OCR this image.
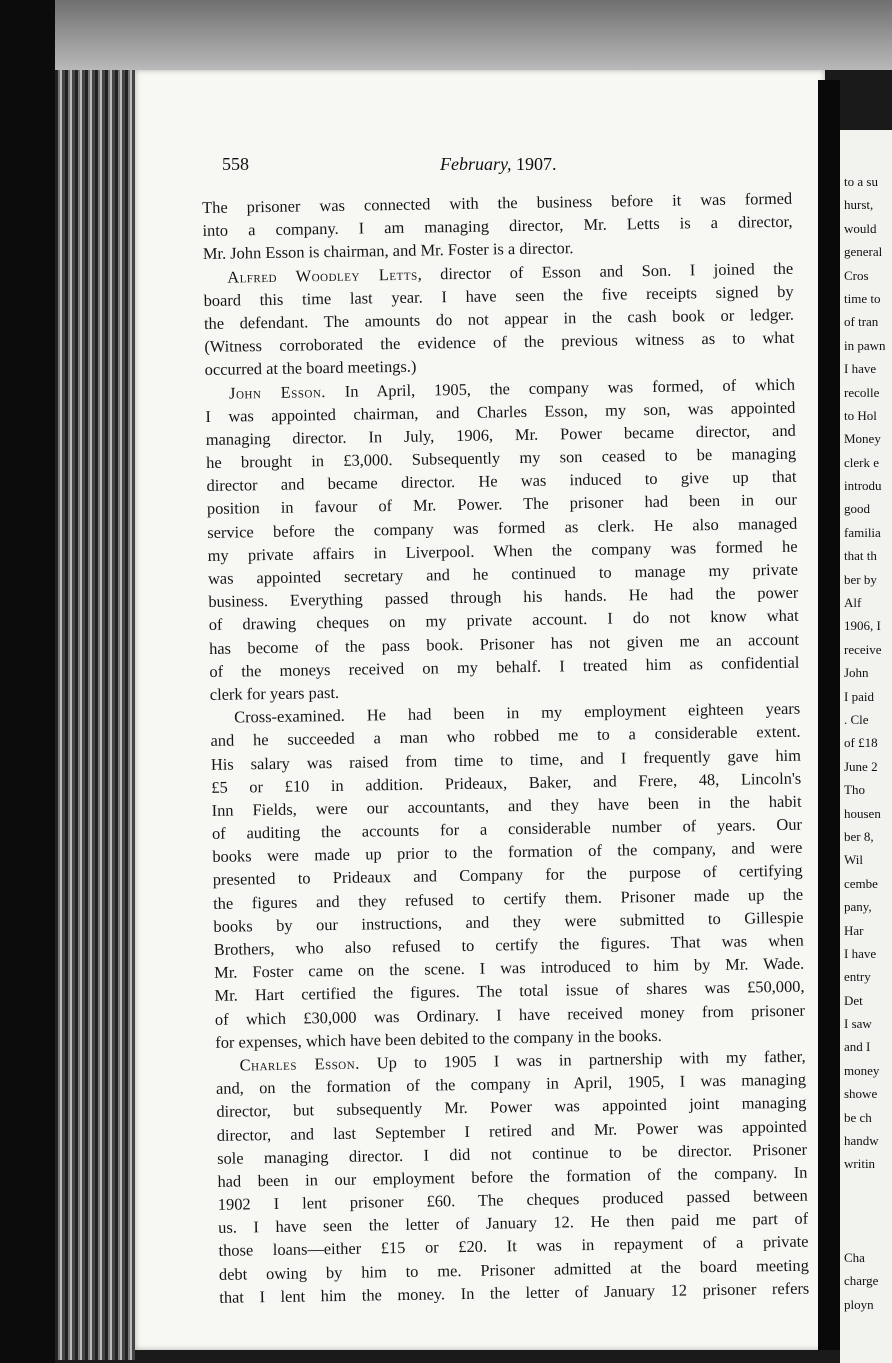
to a su
hurst,
would
general
Cros
time to
of tran
in pawn
I have
recolle
to Hol
Money
clerk e
introdu
good
familia
that th
ber by
Alf
1906, I
receive
John
I paid
. Cle
of £18
June 2
Tho
housen
ber 8,
Wil
cembe
pany,
Har
I have
entry
Det
I saw
and I
money
showe
be ch
handw
writin
Cha
charge
ployn
558	February, 1907.
The prisoner was connected with the business before it was formed
into a company. I am managing director, Mr. Letts is a director,
Mr. John Esson is chairman, and Mr. Foster is a director.
Alfred Woodley Letts, director of Esson and Son. I joined the
board this time last year. I have seen the five receipts signed by
the defendant. The amounts do not appear in the cash book or ledger.
(Witness corroborated the evidence of the previous witness as to what
occurred at the board meetings.)
John Esson. In April, 1905, the company was formed, of which
I was appointed chairman, and Charles Esson, my son, was appointed
managing director. In July, 1906, Mr. Power became director, and
he brought in £3,000. Subsequently my son ceased to be managing
director and became director. He was induced to give up that
position in favour of Mr. Power. The prisoner had been in our
service before the company was formed as clerk. He also managed
my private affairs in Liverpool. When the company was formed he
was appointed secretary and he continued to manage my private
business. Everything passed through his hands. He had the power
of drawing cheques on my private account. I do not know what
has become of the pass book. Prisoner has not given me an account
of the moneys received on my behalf. I treated him as confidential
clerk for years past.
Cross-examined. He had been in my employment eighteen years
and he succeeded a man who robbed me to a considerable extent.
His salary was raised from time to time, and I frequently gave him
£5 or £10 in addition. Prideaux, Baker, and Frere, 48, Lincoln's
Inn Fields, were our accountants, and they have been in the habit
of auditing the accounts for a considerable number of years. Our
books were made up prior to the formation of the company, and were
presented to Prideaux and Company for the purpose of certifying
the figures and they refused to certify them. Prisoner made up the
books by our instructions, and they were submitted to Gillespie
Brothers, who also refused to certify the figures. That was when
Mr. Foster came on the scene. I was introduced to him by Mr. Wade.
Mr. Hart certified the figures. The total issue of shares was £50,000,
of which £30,000 was Ordinary. I have received money from prisoner
for expenses, which have been debited to the company in the books.
Charles Esson. Up to 1905 I was in partnership with my father,
and, on the formation of the company in April, 1905, I was managing
director, but subsequently Mr. Power was appointed joint managing
director, and last September I retired and Mr. Power was appointed
sole managing director. I did not continue to be director. Prisoner
had been in our employment before the formation of the company. In
1902 I lent prisoner £60. The cheques produced passed between
us. I have seen the letter of January 12. He then paid me part of
those loans—either £15 or £20. It was in repayment of a private
debt owing by him to me. Prisoner admitted at the board meeting
that I lent him the money. In the letter of January 12 prisoner refers
